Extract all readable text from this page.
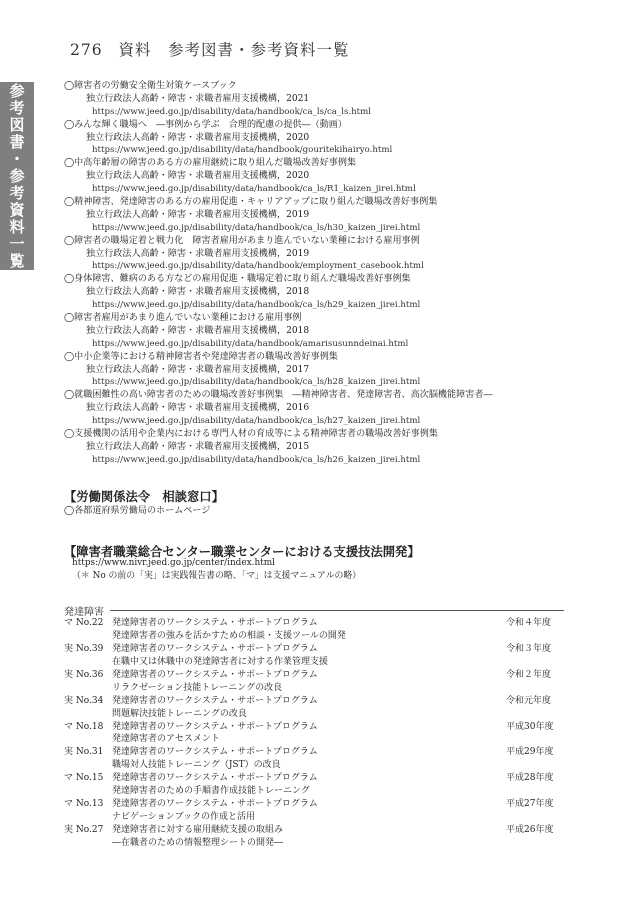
276 資料　参考図書・参考資料一覧
参考図書・参考資料一覧	◯障害者の労働安全衛生対策ケースブック
独立行政法人高齢・障害・求職者雇用支援機構，2021
https://www.jeed.go.jp/disability/data/handbook/ca_ls/ca_ls.html
◯みんな輝く職場へ　―事例から学ぶ　合理的配慮の提供―（動画）
独立行政法人高齢・障害・求職者雇用支援機構，2020
https://www.jeed.go.jp/disability/data/handbook/gouritekihairyo.html
◯中高年齢層の障害のある方の雇用継続に取り組んだ職場改善好事例集
独立行政法人高齢・障害・求職者雇用支援機構，2020
https://www.jeed.go.jp/disability/data/handbook/ca_ls/R1_kaizen_jirei.html
◯精神障害、発達障害のある方の雇用促進・キャリアアップに取り組んだ職場改善好事例集
独立行政法人高齢・障害・求職者雇用支援機構，2019
https://www.jeed.go.jp/disability/data/handbook/ca_ls/h30_kaizen_jirei.html
◯障害者の職場定着と戦力化　障害者雇用があまり進んでいない業種における雇用事例
独立行政法人高齢・障害・求職者雇用支援機構，2019
https://www.jeed.go.jp/disability/data/handbook/employment_casebook.html
◯身体障害、難病のある方などの雇用促進・職場定着に取り組んだ職場改善好事例集
独立行政法人高齢・障害・求職者雇用支援機構，2018
https://www.jeed.go.jp/disability/data/handbook/ca_ls/h29_kaizen_jirei.html
◯障害者雇用があまり進んでいない業種における雇用事例
独立行政法人高齢・障害・求職者雇用支援機構，2018
https://www.jeed.go.jp/disability/data/handbook/amarisusunndeinai.html
◯中小企業等における精神障害者や発達障害者の職場改善好事例集
独立行政法人高齢・障害・求職者雇用支援機構，2017
https://www.jeed.go.jp/disability/data/handbook/ca_ls/h28_kaizen_jirei.html
◯就職困難性の高い障害者のための職場改善好事例集　―精神障害者、発達障害者、高次脳機能障害者―
独立行政法人高齢・障害・求職者雇用支援機構，2016
https://www.jeed.go.jp/disability/data/handbook/ca_ls/h27_kaizen_jirei.html
◯支援機関の活用や企業内における専門人材の育成等による精神障害者の職場改善好事例集
独立行政法人高齢・障害・求職者雇用支援機構，2015
https://www.jeed.go.jp/disability/data/handbook/ca_ls/h26_kaizen_jirei.html
【労働関係法令　相談窓口】
◯各都道府県労働局のホームページ
【障害者職業総合センター職業センターにおける支援技法開発】
https://www.nivr.jeed.go.jp/center/index.html
（＊ No の前の「実」は実践報告書の略、「マ」は支援マニュアルの略）
発達障害
マ No.22 発達障害者のワークシステム・サポートプログラム
発達障害者の強みを活かすための相談・支援ツールの開発
令和４年度
実 No.39 発達障害者のワークシステム・サポートプログラム
在職中又は休職中の発達障害者に対する作業管理支援
令和３年度
実 No.36 発達障害者のワークシステム・サポートプログラム
リラクゼーション技能トレーニングの改良
令和２年度
実 No.34 発達障害者のワークシステム・サポートプログラム
問題解決技能トレーニングの改良
令和元年度
マ No.18 発達障害者のワークシステム・サポートプログラム
発達障害者のアセスメント
平成30年度
実 No.31 発達障害者のワークシステム・サポートプログラム
職場対人技能トレーニング（JST）の改良
平成29年度
マ No.15 発達障害者のワークシステム・サポートプログラム
発達障害者のための手順書作成技能トレーニング
平成28年度
マ No.13 発達障害者のワークシステム・サポートプログラム
ナビゲーションブックの作成と活用
平成27年度
実 No.27 発達障害者に対する雇用継続支援の取組み
―在職者のための情報整理シートの開発―
平成26年度
